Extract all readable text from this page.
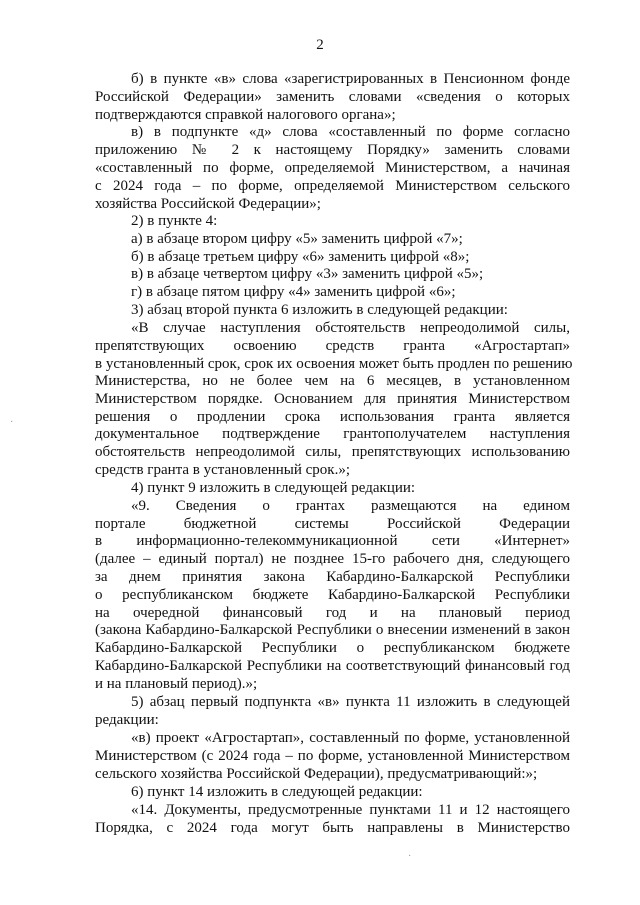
2
б) в пункте «в» слова «зарегистрированных в Пенсионном фонде
Российской Федерации» заменить словами «сведения о которых
подтверждаются справкой налогового органа»;
в) в подпункте «д» слова «составленный по форме согласно
приложению № 2 к настоящему Порядку» заменить словами
«составленный по форме, определяемой Министерством, а начиная
с 2024 года – по форме, определяемой Министерством сельского
хозяйства Российской Федерации»;
2) в пункте 4:
а) в абзаце втором цифру «5» заменить цифрой «7»;
б) в абзаце третьем цифру «6» заменить цифрой «8»;
в) в абзаце четвертом цифру «3» заменить цифрой «5»;
г) в абзаце пятом цифру «4» заменить цифрой «6»;
3) абзац второй пункта 6 изложить в следующей редакции:
«В случае наступления обстоятельств непреодолимой силы,
препятствующих освоению средств гранта «Агростартап»
в установленный срок, срок их освоения может быть продлен по решению
Министерства, но не более чем на 6 месяцев, в установленном
Министерством порядке. Основанием для принятия Министерством
решения о продлении срока использования гранта является
документальное подтверждение грантополучателем наступления
обстоятельств непреодолимой силы, препятствующих использованию
средств гранта в установленный срок.»;
4) пункт 9 изложить в следующей редакции:
«9. Сведения о грантах размещаются на едином
портале бюджетной системы Российской Федерации
в информационно-телекоммуникационной сети «Интернет»
(далее – единый портал) не позднее 15-го рабочего дня, следующего
за днем принятия закона Кабардино-Балкарской Республики
о республиканском бюджете Кабардино-Балкарской Республики
на очередной финансовый год и на плановый период
(закона Кабардино-Балкарской Республики о внесении изменений в закон
Кабардино-Балкарской Республики о республиканском бюджете
Кабардино-Балкарской Республики на соответствующий финансовый год
и на плановый период).»;
5) абзац первый подпункта «в» пункта 11 изложить в следующей
редакции:
«в) проект «Агростартап», составленный по форме, установленной
Министерством (с 2024 года – по форме, установленной Министерством
сельского хозяйства Российской Федерации), предусматривающий:»;
6) пункт 14 изложить в следующей редакции:
«14. Документы, предусмотренные пунктами 11 и 12 настоящего
Порядка, с 2024 года могут быть направлены в Министерство
·
·
